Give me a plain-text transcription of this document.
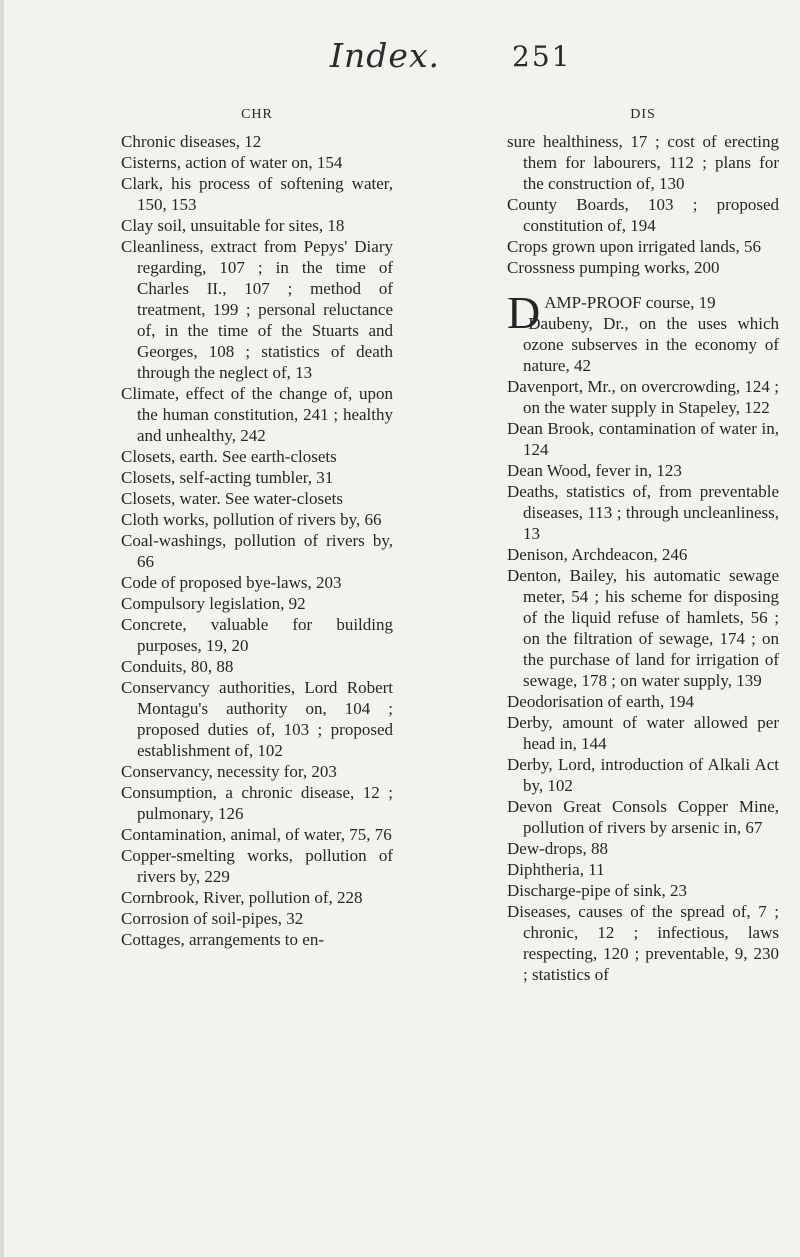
Index.	251
CHR
Chronic diseases, 12
Cisterns, action of water on, 154
Clark, his process of softening water, 150, 153
Clay soil, unsuitable for sites, 18
Cleanliness, extract from Pepys' Diary regarding, 107 ; in the time of Charles II., 107 ; method of treatment, 199 ; personal reluctance of, in the time of the Stuarts and Georges, 108 ; statistics of death through the neglect of, 13
Climate, effect of the change of, upon the human constitution, 241 ; healthy and unhealthy, 242
Closets, earth. See earth-closets
Closets, self-acting tumbler, 31
Closets, water. See water-closets
Cloth works, pollution of rivers by, 66
Coal-washings, pollution of rivers by, 66
Code of proposed bye-laws, 203
Compulsory legislation, 92
Concrete, valuable for building purposes, 19, 20
Conduits, 80, 88
Conservancy authorities, Lord Robert Montagu's authority on, 104 ; proposed duties of, 103 ; proposed establishment of, 102
Conservancy, necessity for, 203
Consumption, a chronic disease, 12 ; pulmonary, 126
Contamination, animal, of water, 75, 76
Copper-smelting works, pollution of rivers by, 229
Cornbrook, River, pollution of, 228
Corrosion of soil-pipes, 32
Cottages, arrangements to en-
DIS
sure healthiness, 17 ; cost of erecting them for labourers, 112 ; plans for the construction of, 130
County Boards, 103 ; proposed constitution of, 194
Crops grown upon irrigated lands, 56
Crossness pumping works, 200
DAMP-PROOF course, 19
Daubeny, Dr., on the uses which ozone subserves in the economy of nature, 42
Davenport, Mr., on overcrowding, 124 ; on the water supply in Stapeley, 122
Dean Brook, contamination of water in, 124
Dean Wood, fever in, 123
Deaths, statistics of, from preventable diseases, 113 ; through uncleanliness, 13
Denison, Archdeacon, 246
Denton, Bailey, his automatic sewage meter, 54 ; his scheme for disposing of the liquid refuse of hamlets, 56 ; on the filtration of sewage, 174 ; on the purchase of land for irrigation of sewage, 178 ; on water supply, 139
Deodorisation of earth, 194
Derby, amount of water allowed per head in, 144
Derby, Lord, introduction of Alkali Act by, 102
Devon Great Consols Copper Mine, pollution of rivers by arsenic in, 67
Dew-drops, 88
Diphtheria, 11
Discharge-pipe of sink, 23
Diseases, causes of the spread of, 7 ; chronic, 12 ; infectious, laws respecting, 120 ; preventable, 9, 230 ; statistics of
